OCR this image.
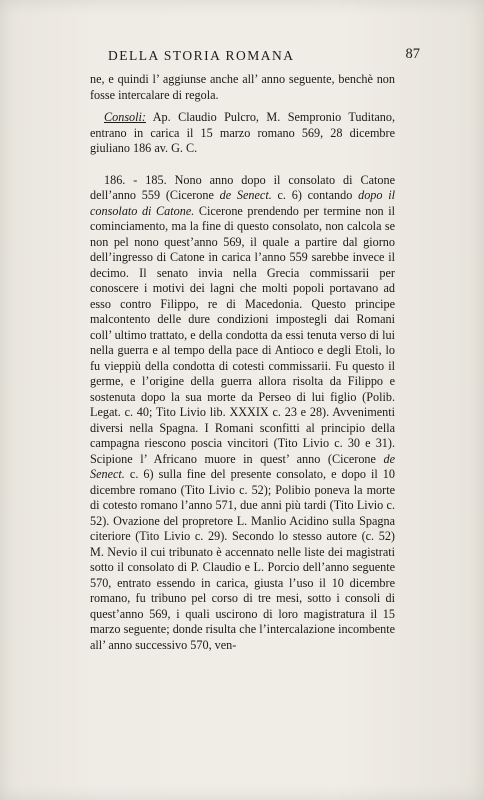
DELLA STORIA ROMANA	87

ne, e quindi l’ aggiunse anche all’ anno seguente, benchè non fosse intercalare di regola.

Consoli: Ap. Claudio Pulcro, M. Sempronio Tuditano, entrano in carica il 15 marzo romano 569, 28 dicembre giuliano 186 av. G. C.

186. - 185. Nono anno dopo il consolato di Catone dell’anno 559 (Cicerone de Senect. c. 6) contando dopo il consolato di Catone. Cicerone prendendo per termine non il cominciamento, ma la fine di questo consolato, non calcola se non pel nono quest’anno 569, il quale a partire dal giorno dell’ingresso di Catone in carica l’anno 559 sarebbe invece il decimo. Il senato invia nella Grecia commissarii per conoscere i motivi dei lagni che molti popoli portavano ad esso contro Filippo, re di Macedonia. Questo principe malcontento delle dure condizioni impostegli dai Romani coll’ ultimo trattato, e della condotta da essi tenuta verso di lui nella guerra e al tempo della pace di Antioco e degli Etoli, lo fu vieppiù della condotta di cotesti commissarii. Fu questo il germe, e l’origine della guerra allora risolta da Filippo e sostenuta dopo la sua morte da Perseo di lui figlio (Polib. Legat. c. 40; Tito Livio lib. XXXIX c. 23 e 28). Avvenimenti diversi nella Spagna. I Romani sconfitti al principio della campagna riescono poscia vincitori (Tito Livio c. 30 e 31). Scipione l’ Africano muore in quest’ anno (Cicerone de Senect. c. 6) sulla fine del presente consolato, e dopo il 10 dicembre romano (Tito Livio c. 52); Polibio poneva la morte di cotesto romano l’anno 571, due anni più tardi (Tito Livio c. 52). Ovazione del propretore L. Manlio Acidino sulla Spagna citeriore (Tito Livio c. 29). Secondo lo stesso autore (c. 52) M. Nevio il cui tribunato è accennato nelle liste dei magistrati sotto il consolato di P. Claudio e L. Porcio dell’anno seguente 570, entrato essendo in carica, giusta l’uso il 10 dicembre romano, fu tribuno pel corso di tre mesi, sotto i consoli di quest’anno 569, i quali uscirono di loro magistratura il 15 marzo seguente; donde risulta che l’intercalazione incombente all’ anno successivo 570, ven-
